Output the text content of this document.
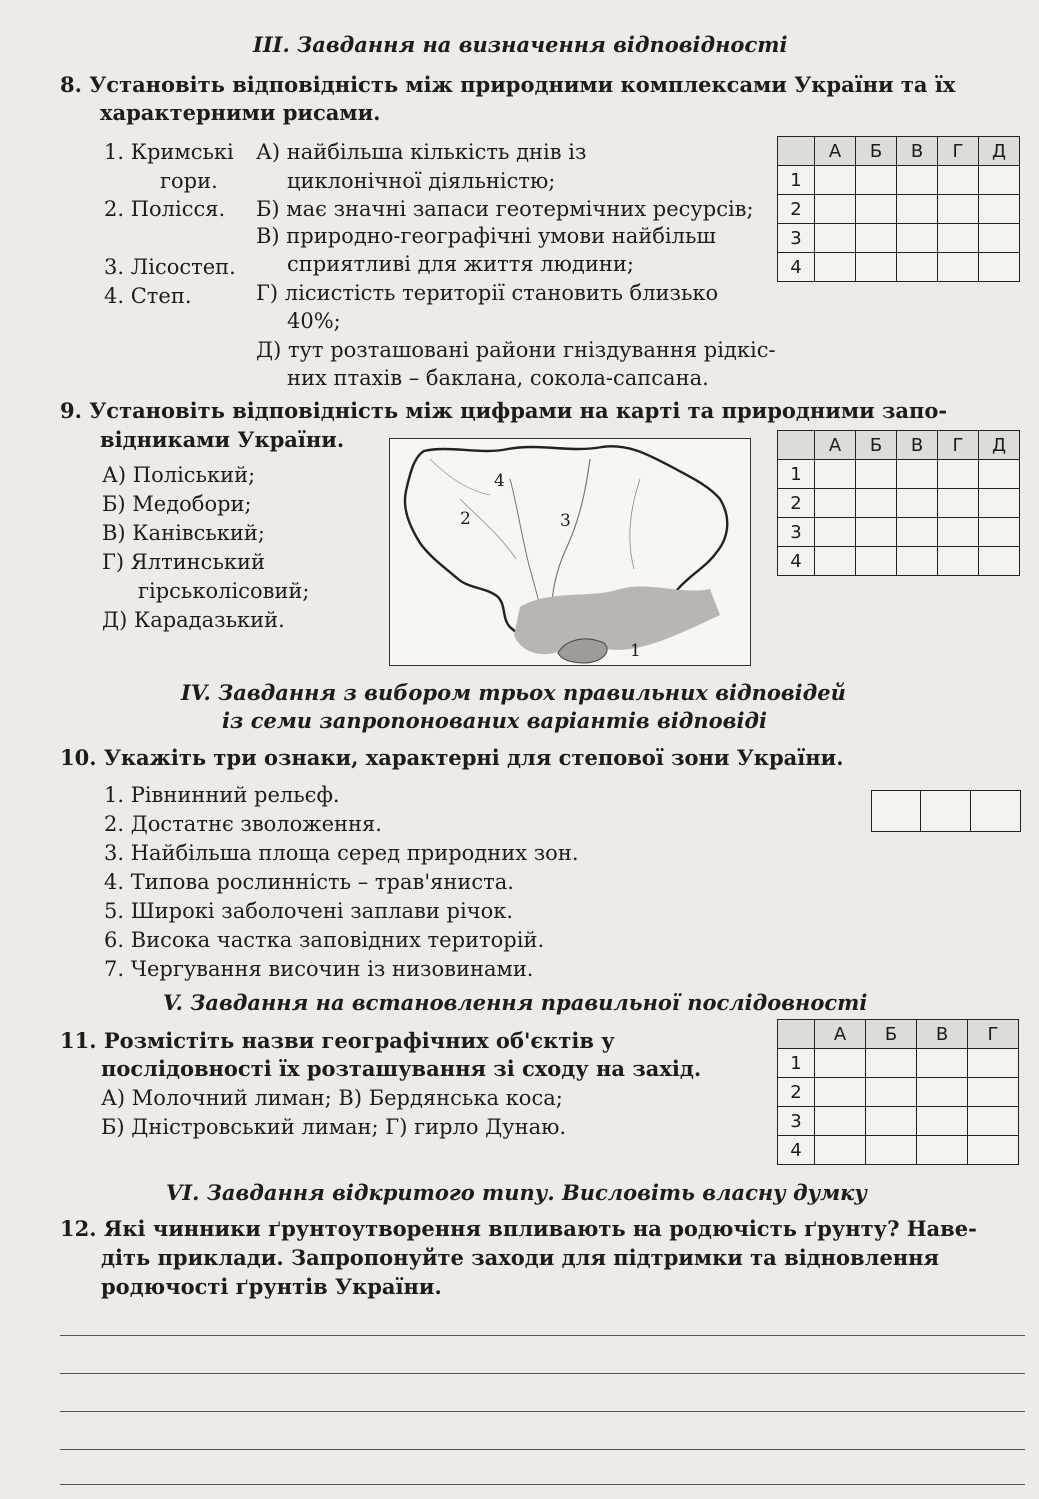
III. Завдання на визначення відповідності
8. Установіть відповідність між природними комплексами України та їх
характерними рисами.
1. Кримські
гори.
2. Полісся.
3. Лісостеп.
4. Степ.
А) найбільша кількість днів із
циклонічної діяльністю;
Б) має значні запаси геотермічних ресурсів;
В) природно-географічні умови найбільш
сприятливі для життя людини;
Г) лісистість території становить близько
40%;
Д) тут розташовані райони гніздування рідкіс-
них птахів – баклана, сокола-сапсана.
	А	Б	В	Г	Д
1					
2					
3					
4					
9. Установіть відповідність між цифрами на карті та природними запо-
відниками України.
А) Поліський;
Б) Медобори;
В) Канівський;
Г) Ялтинський
гірськолісовий;
Д) Карадазький.
1
2	3
4
	А	Б	В	Г	Д
1					
2					
3					
4					
IV. Завдання з вибором трьох правильних відповідей
із семи запропонованих варіантів відповіді
10. Укажіть три ознаки, характерні для степової зони України.
1. Рівнинний рельєф.
2. Достатнє зволоження.
3. Найбільша площа серед природних зон.
4. Типова рослинність – трав'яниста.
5. Широкі заболочені заплави річок.
6. Висока частка заповідних територій.
7. Чергування височин із низовинами.
V. Завдання на встановлення правильної послідовності
11. Розмістіть назви географічних об'єктів у
послідовності їх розташування зі сходу на захід.
А) Молочний лиман; В) Бердянська коса;
Б) Дністровський лиман; Г) гирло Дунаю.
	А	Б	В	Г
1				
2				
3				
4				
VI. Завдання відкритого типу. Висловіть власну думку
12. Які чинники ґрунтоутворення впливають на родючість ґрунту? Наве-
діть приклади. Запропонуйте заходи для підтримки та відновлення
родючості ґрунтів України.
